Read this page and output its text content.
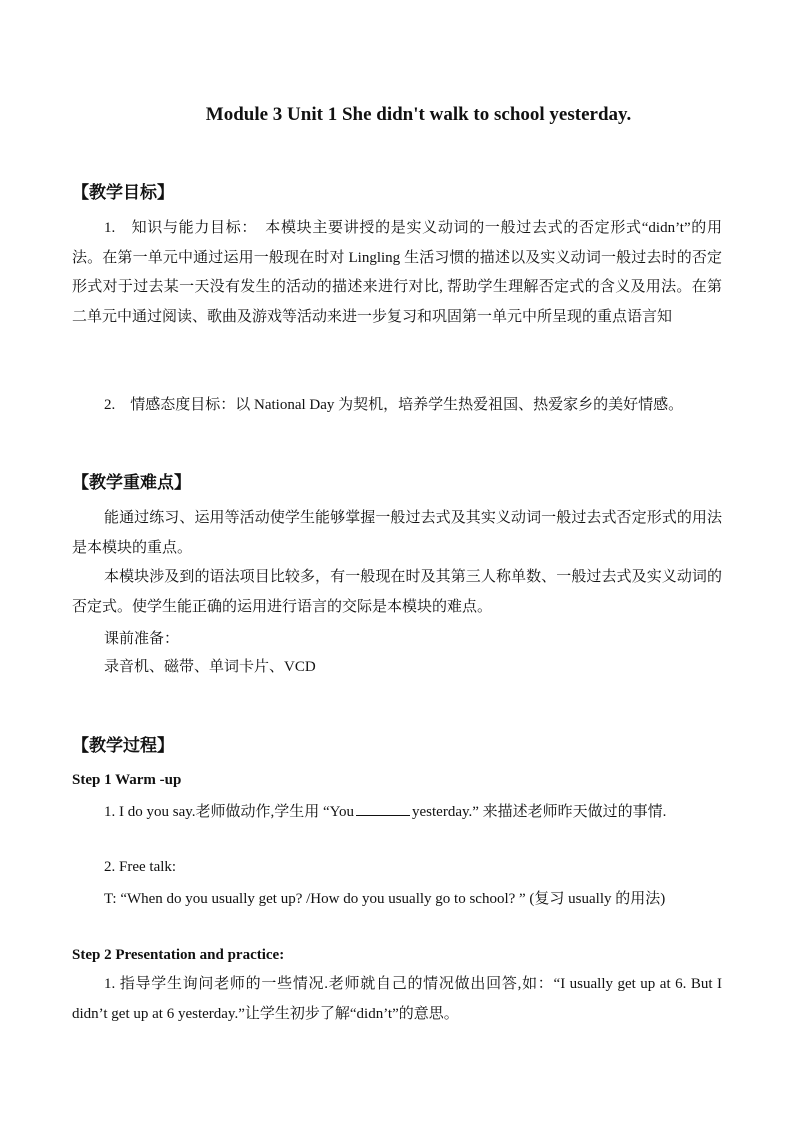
Module 3 Unit 1 She didn't walk to school yesterday.
【教学目标】
1.　知识与能力目标：　本模块主要讲授的是实义动词的一般过去式的否定形式“didn’t”的用法。在第一单元中通过运用一般现在时对 Lingling 生活习惯的描述以及实义动词一般过去时的否定形式对于过去某一天没有发生的活动的描述来进行对比, 帮助学生理解否定式的含义及用法。在第二单元中通过阅读、歌曲及游戏等活动来进一步复习和巩固第一单元中所呈现的重点语言知
2.　情感态度目标：以 National Day 为契机，培养学生热爱祖国、热爱家乡的美好情感。
【教学重难点】
能通过练习、运用等活动使学生能够掌握一般过去式及其实义动词一般过去式否定形式的用法是本模块的重点。
本模块涉及到的语法项目比较多，有一般现在时及其第三人称单数、一般过去式及实义动词的否定式。使学生能正确的运用进行语言的交际是本模块的难点。
课前准备：
录音机、磁带、单词卡片、VCD
【教学过程】
Step 1 Warm -up
1. I do you say.老师做动作,学生用 “You	yesterday.” 来描述老师昨天做过的事情.
2. Free talk:
T: “When do you usually get up? /How do you usually go to school? ” (复习 usually 的用法)
Step 2 Presentation and practice:
1. 指导学生询问老师的一些情况.老师就自己的情况做出回答,如：“I usually get up at 6. But I didn’t get up at 6 yesterday.”让学生初步了解“didn’t”的意思。
